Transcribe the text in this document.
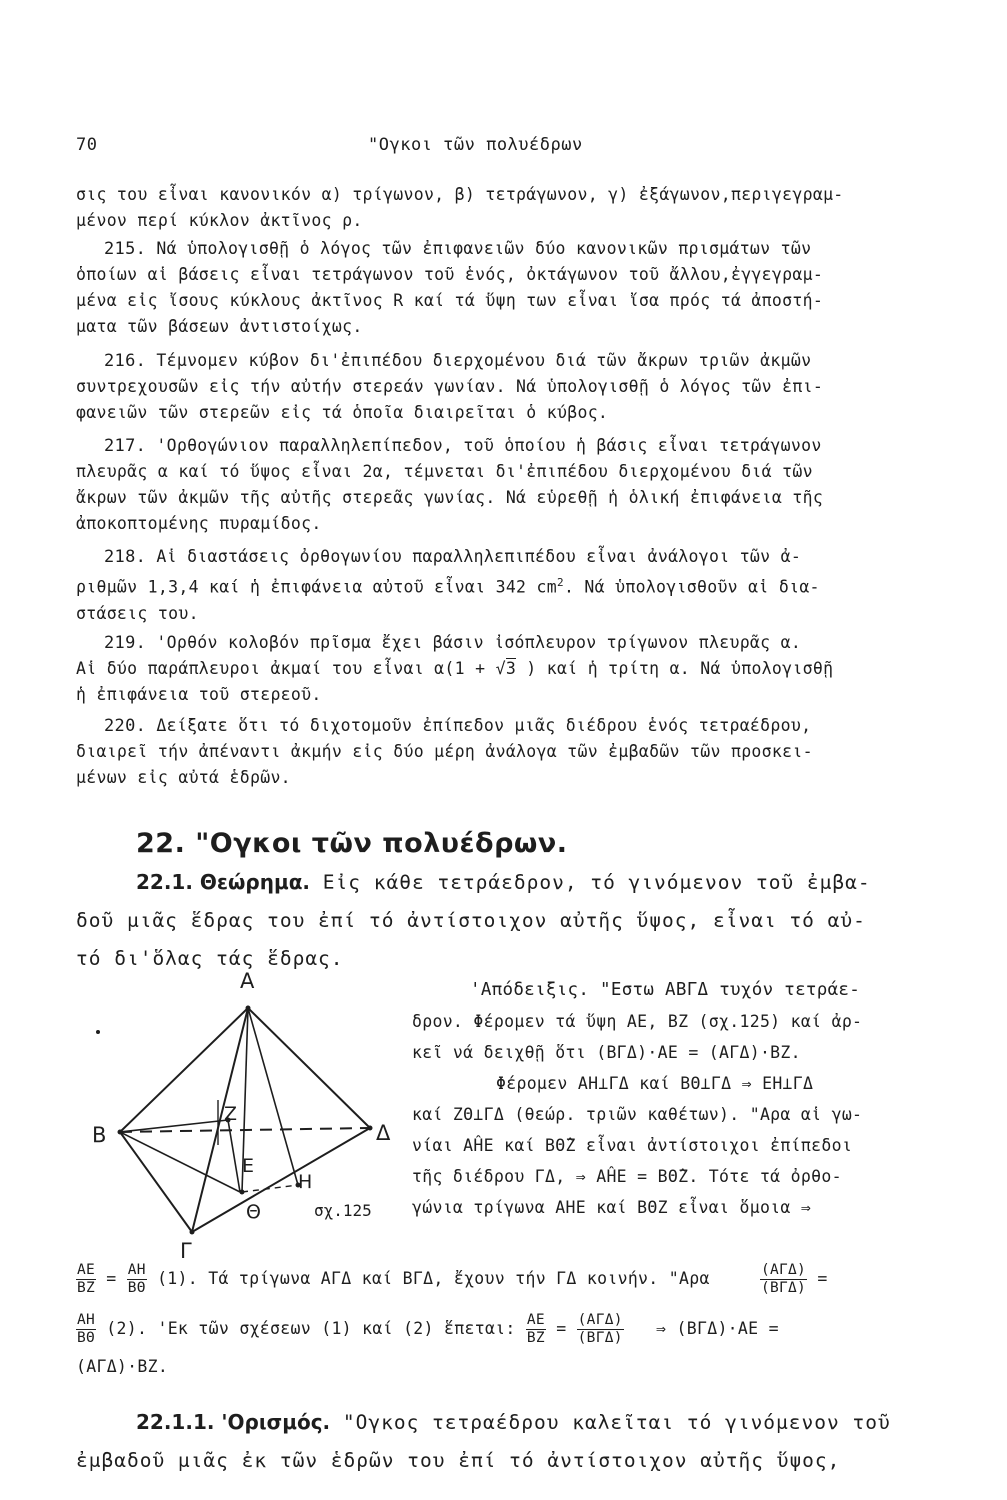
70	"Ογκοι τῶν πολυέδρων
σις του εἶναι κανονικόν α) τρίγωνον, β) τετράγωνον, γ) ἐξάγωνον,περιγεγραμ-
μένον περί κύκλον ἀκτῖνος ρ.
215. Νά ὑπολογισθῇ ὁ λόγος τῶν ἐπιφανειῶν δύο κανονικῶν πρισμάτων τῶν
ὁποίων αἱ βάσεις εἶναι τετράγωνον τοῦ ἑνός, ὀκτάγωνον τοῦ ἄλλου,ἐγγεγραμ-
μένα εἰς ἴσους κύκλους ἀκτῖνος R καί τά ὕψη των εἶναι ἴσα πρός τά ἀποστή-
ματα τῶν βάσεων ἀντιστοίχως.
216. Τέμνομεν κύβον δι'ἐπιπέδου διερχομένου διά τῶν ἄκρων τριῶν ἀκμῶν
συντρεχουσῶν εἰς τήν αὐτήν στερεάν γωνίαν. Νά ὑπολογισθῇ ὁ λόγος τῶν ἐπι-
φανειῶν τῶν στερεῶν εἰς τά ὁποῖα διαιρεῖται ὁ κύβος.
217. 'Ορθογώνιον παραλληλεπίπεδον, τοῦ ὁποίου ἡ βάσις εἶναι τετράγωνον
πλευρᾶς α καί τό ὕψος εἶναι 2α, τέμνεται δι'ἐπιπέδου διερχομένου διά τῶν
ἄκρων τῶν ἀκμῶν τῆς αὐτῆς στερεᾶς γωνίας. Νά εὑρεθῇ ἡ ὁλική ἐπιφάνεια τῆς
ἀποκοπτομένης πυραμίδος.
218. Αἱ διαστάσεις ὀρθογωνίου παραλληλεπιπέδου εἶναι ἀνάλογοι τῶν ἀ-
ριθμῶν 1,3,4 καί ἡ ἐπιφάνεια αὐτοῦ εἶναι 342 $cm^2$. Νά ὑπολογισθοῦν αἱ δια-
στάσεις του.
219. 'Ορθόν κολοβόν πρῖσμα ἔχει βάσιν ἰσόπλευρον τρίγωνον πλευρᾶς α.
Αἱ δύο παράπλευροι ἀκμαί του εἶναι α(1 + √3 ) καί ἡ τρίτη α. Νά ὑπολογισθῇ
ἡ ἐπιφάνεια τοῦ στερεοῦ.
220. Δείξατε ὅτι τό διχοτομοῦν ἐπίπεδον μιᾶς διέδρου ἑνός τετραέδρου,
διαιρεῖ τήν ἀπέναντι ἀκμήν εἰς δύο μέρη ἀνάλογα τῶν ἐμβαδῶν τῶν προσκει-
μένων εἰς αὐτά ἑδρῶν.
22. "Ογκοι τῶν πολυέδρων.
22.1. Θεώρημα. Εἰς κάθε τετράεδρον, τό γινόμενον τοῦ ἐμβα-
δοῦ μιᾶς ἕδρας του ἐπί τό ἀντίστοιχον αὐτῆς ὕψος, εἶναι τό αὐ-
τό δι'ὅλας τάς ἕδρας.
Α
Β	Δ
Γ
Ζ
Ε
Η
Θ	σχ.125
'Απόδειξις. "Εστω ΑΒΓΔ τυχόν τετράε-
δρον. Φέρομεν τά ὕψη ΑΕ, ΒΖ (σχ.125) καί ἀρ-
κεῖ νά δειχθῇ ὅτι (ΒΓΔ)·ΑΕ = (ΑΓΔ)·ΒΖ.
Φέρομεν ΑΗ⊥ΓΔ καί ΒΘ⊥ΓΔ ⇒ ΕΗ⊥ΓΔ
καί ΖΘ⊥ΓΔ (θεώρ. τριῶν καθέτων). "Αρα αἱ γω-
νίαι ΑĤΕ καί ΒΘ̂Ζ εἶναι ἀντίστοιχοι ἐπίπεδοι
τῆς διέδρου ΓΔ, ⇒ ΑĤΕ = ΒΘ̂Ζ. Τότε τά ὀρθο-
γώνια τρίγωνα ΑΗΕ καί ΒΘΖ εἶναι ὅμοια ⇒
$\frac{AE}{BZ} = \frac{AH}{B\Theta} (1)$. Τά τρίγωνα ΑΓΔ καί ΒΓΔ, ἔχουν τήν ΓΔ κοινήν. "Αρα	$\frac{\text{(ΑΓΔ)}}{\text{(ΒΓΔ)}}$ =
$\frac{AH}{B\Theta} (2)$. 'Εκ τῶν σχέσεων (1) καί (2) ἕπεται: $\frac{AE}{BZ} = \frac{\text{(ΑΓΔ)}}{\text{(ΒΓΔ)}}$ ⇒ (ΒΓΔ)·ΑΕ =
(ΑΓΔ)·ΒΖ.
22.1.1. 'Ορισμός. "Ογκος τετραέδρου καλεῖται τό γινόμενον τοῦ
ἐμβαδοῦ μιᾶς ἐκ τῶν ἑδρῶν του ἐπί τό ἀντίστοιχον αὐτῆς ὕψος,
